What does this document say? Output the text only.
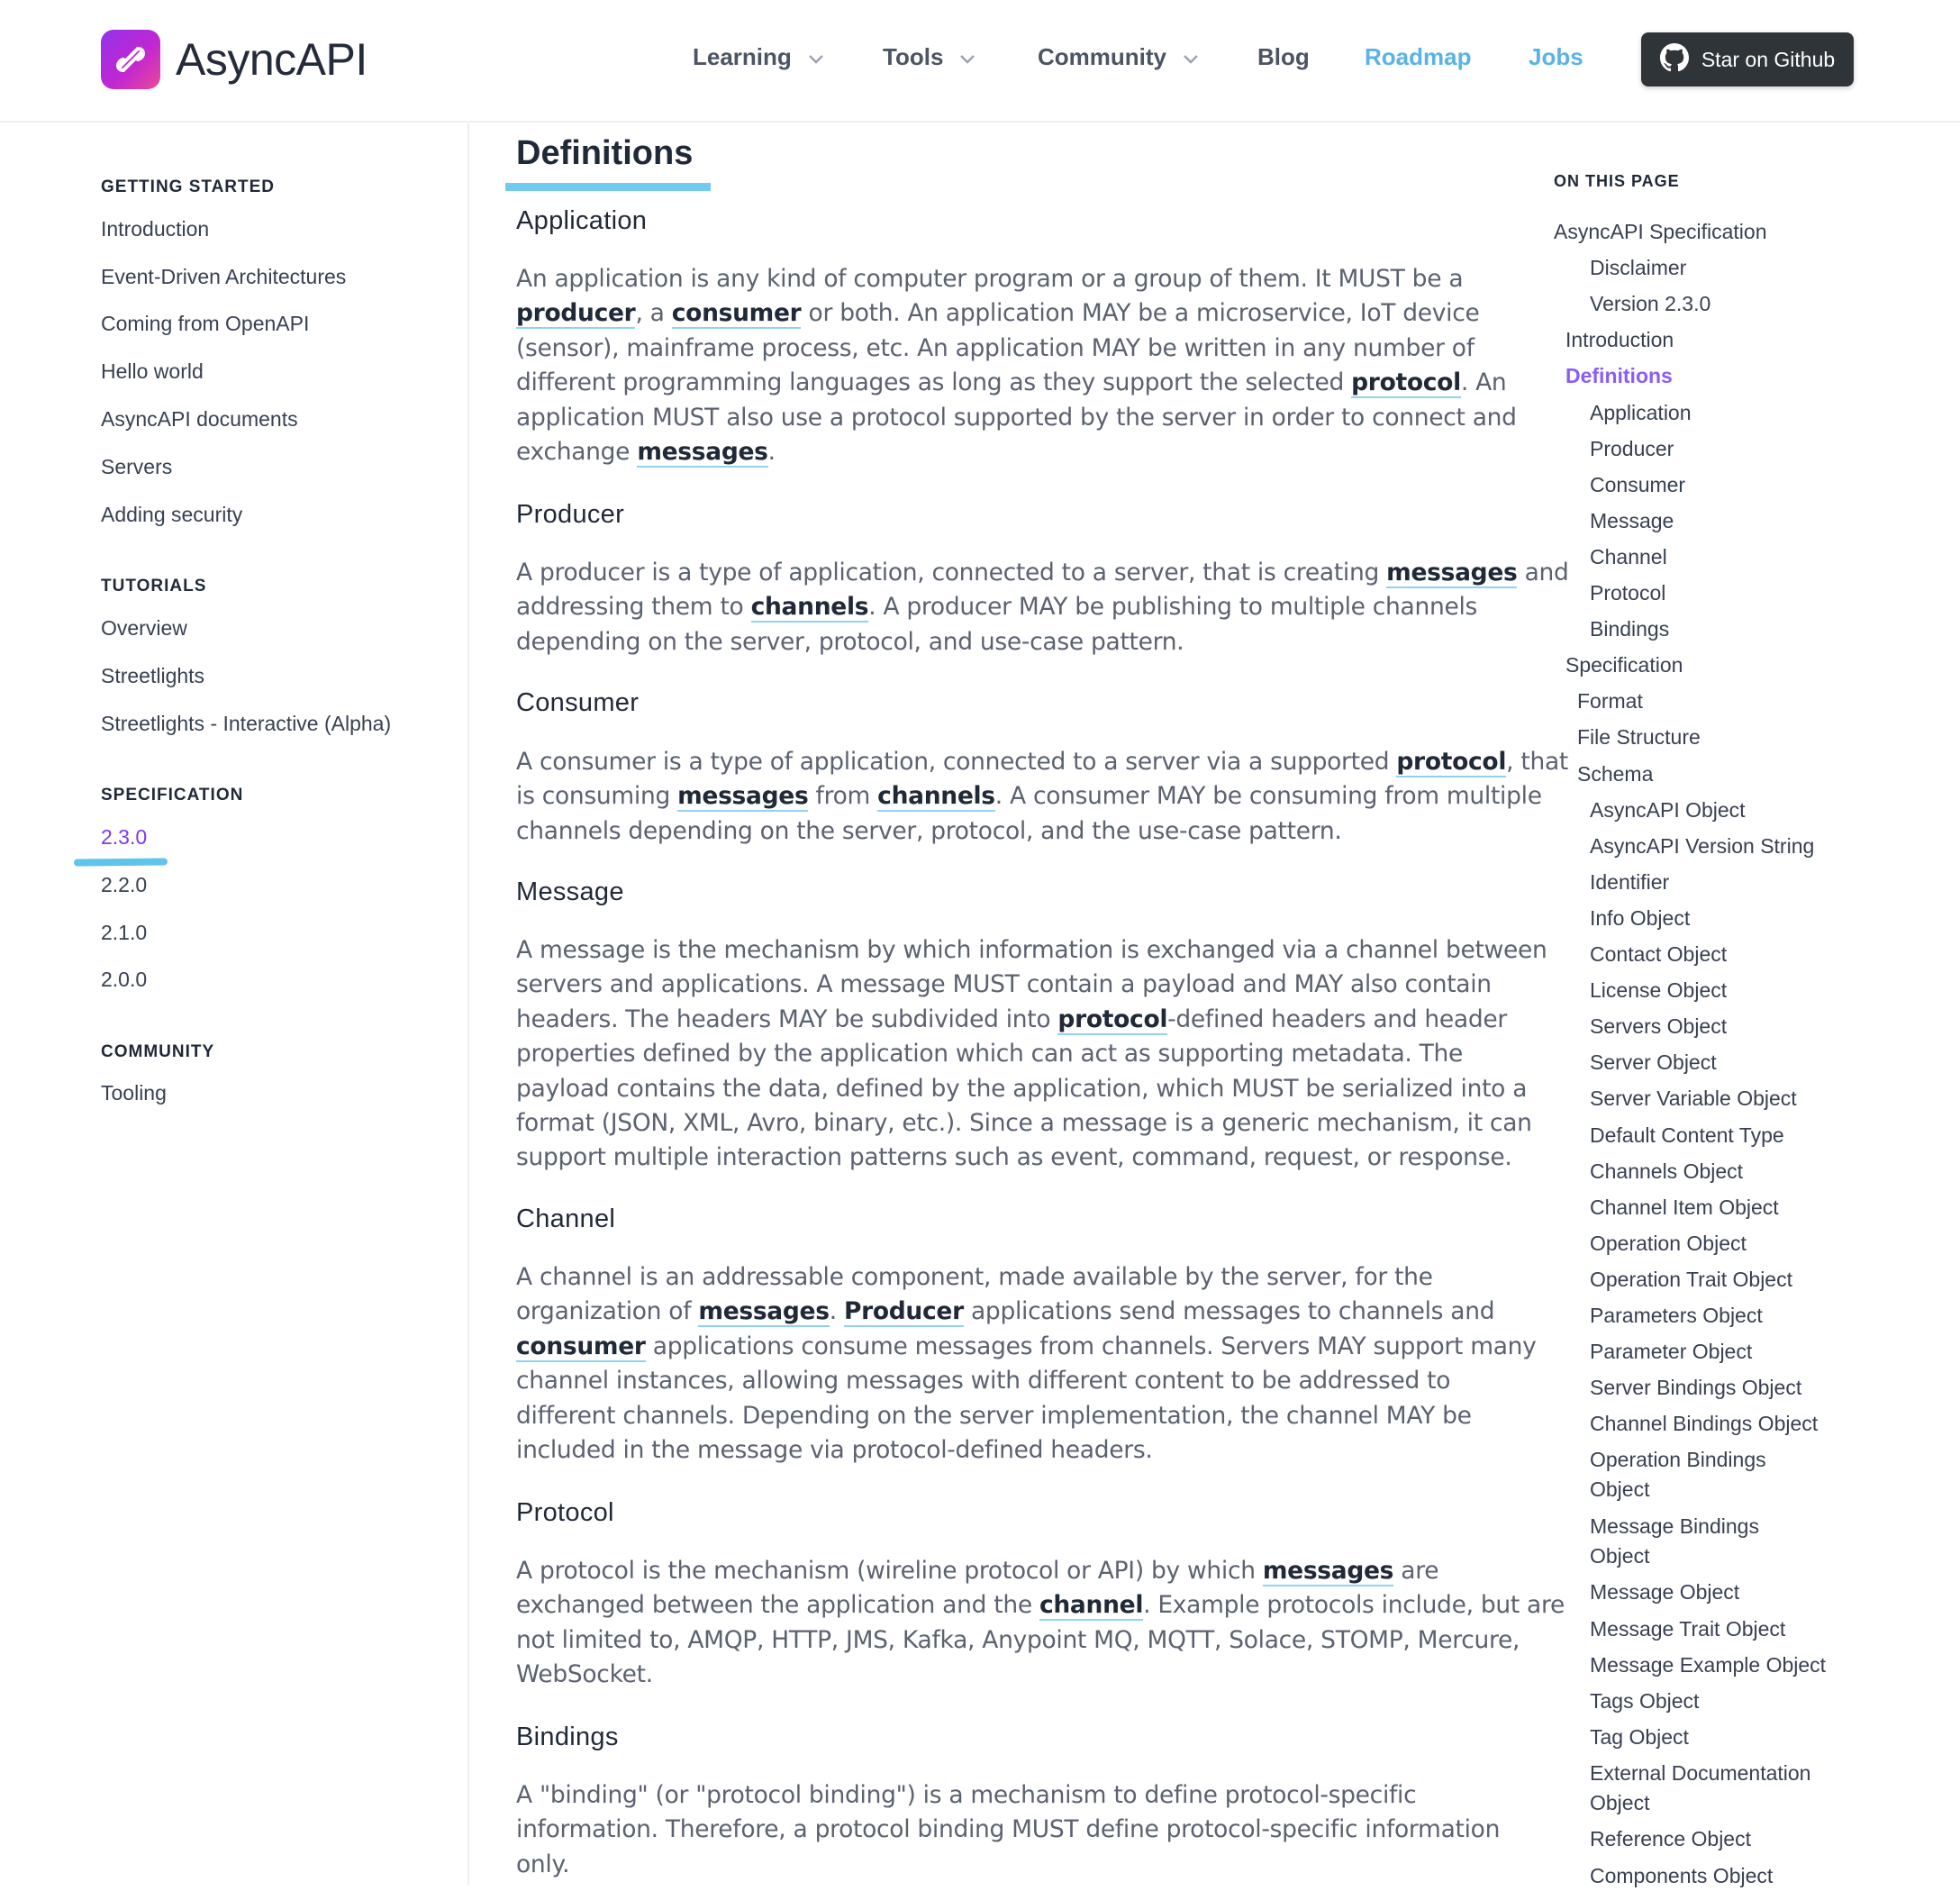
AsyncAPI	Learning	Tools	Community	Blog Roadmap Jobs	Star on Github
GETTING STARTED
Introduction
Event-Driven Architectures
Coming from OpenAPI
Hello world
AsyncAPI documents
Servers
Adding security
TUTORIALS
Overview
Streetlights
Streetlights - Interactive (Alpha)
SPECIFICATION
2.3.0
2.2.0
2.1.0
2.0.0
COMMUNITY
Tooling
Definitions
Application
An application is any kind of computer program or a group of them. It MUST be a
producer, a consumer or both. An application MAY be a microservice, IoT device
(sensor), mainframe process, etc. An application MAY be written in any number of
different programming languages as long as they support the selected protocol. An
application MUST also use a protocol supported by the server in order to connect and
exchange messages.
Producer
A producer is a type of application, connected to a server, that is creating messages and
addressing them to channels. A producer MAY be publishing to multiple channels
depending on the server, protocol, and use-case pattern.
Consumer
A consumer is a type of application, connected to a server via a supported protocol, that
is consuming messages from channels. A consumer MAY be consuming from multiple
channels depending on the server, protocol, and the use-case pattern.
Message
A message is the mechanism by which information is exchanged via a channel between
servers and applications. A message MUST contain a payload and MAY also contain
headers. The headers MAY be subdivided into protocol-defined headers and header
properties defined by the application which can act as supporting metadata. The
payload contains the data, defined by the application, which MUST be serialized into a
format (JSON, XML, Avro, binary, etc.). Since a message is a generic mechanism, it can
support multiple interaction patterns such as event, command, request, or response.
Channel
A channel is an addressable component, made available by the server, for the
organization of messages. Producer applications send messages to channels and
consumer applications consume messages from channels. Servers MAY support many
channel instances, allowing messages with different content to be addressed to
different channels. Depending on the server implementation, the channel MAY be
included in the message via protocol-defined headers.
Protocol
A protocol is the mechanism (wireline protocol or API) by which messages are
exchanged between the application and the channel. Example protocols include, but are
not limited to, AMQP, HTTP, JMS, Kafka, Anypoint MQ, MQTT, Solace, STOMP, Mercure,
WebSocket.
Bindings
A "binding" (or "protocol binding") is a mechanism to define protocol-specific
information. Therefore, a protocol binding MUST define protocol-specific information
only.
ON THIS PAGE
AsyncAPI Specification
Disclaimer
Version 2.3.0
Introduction
Definitions
Application
Producer
Consumer
Message
Channel
Protocol
Bindings
Specification
Format
File Structure
Schema
AsyncAPI Object
AsyncAPI Version String
Identifier
Info Object
Contact Object
License Object
Servers Object
Server Object
Server Variable Object
Default Content Type
Channels Object
Channel Item Object
Operation Object
Operation Trait Object
Parameters Object
Parameter Object
Server Bindings Object
Channel Bindings Object
Operation Bindings
Object
Message Bindings
Object
Message Object
Message Trait Object
Message Example Object
Tags Object
Tag Object
External Documentation
Object
Reference Object
Components Object
